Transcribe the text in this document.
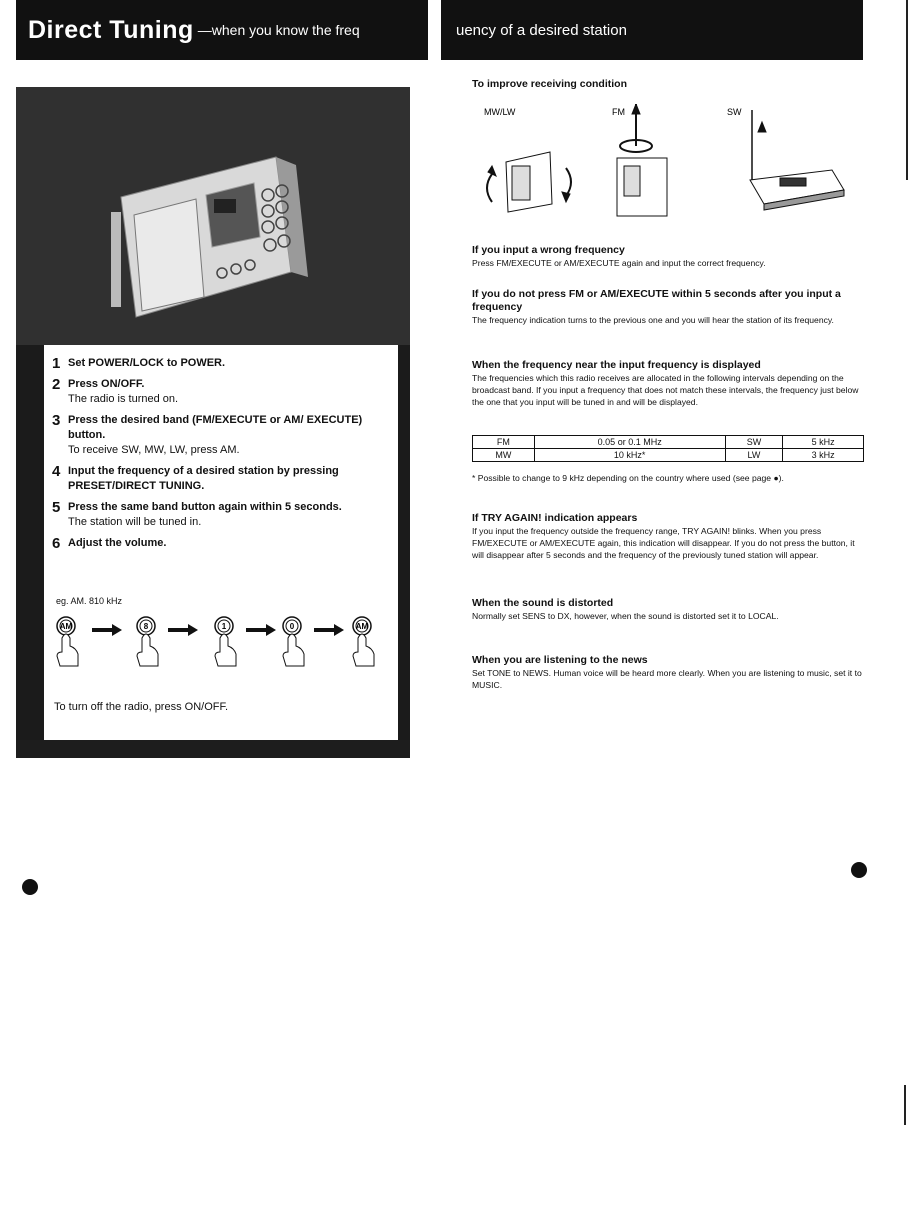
Direct Tuning —when you know the freq	uency of a desired station
1 Set POWER/LOCK to POWER.
2 Press ON/OFF.
The radio is turned on.
3 Press the desired band (FM/EXECUTE or AM/ EXECUTE) button.
To receive SW, MW, LW, press AM.
4 Input the frequency of a desired station by pressing PRESET/DIRECT TUNING.
5 Press the same band button again within 5 seconds.
The station will be tuned in.
6 Adjust the volume.
eg. AM. 810 kHz
AM	8	1	0	AM
To turn off the radio, press ON/OFF.
To improve receiving condition
MW/LW	FM	SW
If you input a wrong frequency
Press FM/EXECUTE or AM/EXECUTE again and input the correct frequency.
If you do not press FM or AM/EXECUTE within 5 seconds after you input a frequency
The frequency indication turns to the previous one and you will hear the station of its frequency.
When the frequency near the input frequency is displayed
The frequencies which this radio receives are allocated in the following intervals depending on the broadcast band. If you input a frequency that does not match these intervals, the frequency just below the one that you input will be tuned in and will be displayed.
FM	0.05 or 0.1 MHz	SW	5 kHz
MW	10 kHz*	LW	3 kHz
* Possible to change to 9 kHz depending on the country where used (see page ●).
If TRY AGAIN! indication appears
If you input the frequency outside the frequency range, TRY AGAIN! blinks. When you press FM/EXECUTE or AM/EXECUTE again, this indication will disappear. If you do not press the button, it will disappear after 5 seconds and the frequency of the previously tuned station will appear.
When the sound is distorted
Normally set SENS to DX, however, when the sound is distorted set it to LOCAL.
When you are listening to the news
Set TONE to NEWS. Human voice will be heard more clearly. When you are listening to music, set it to MUSIC.
